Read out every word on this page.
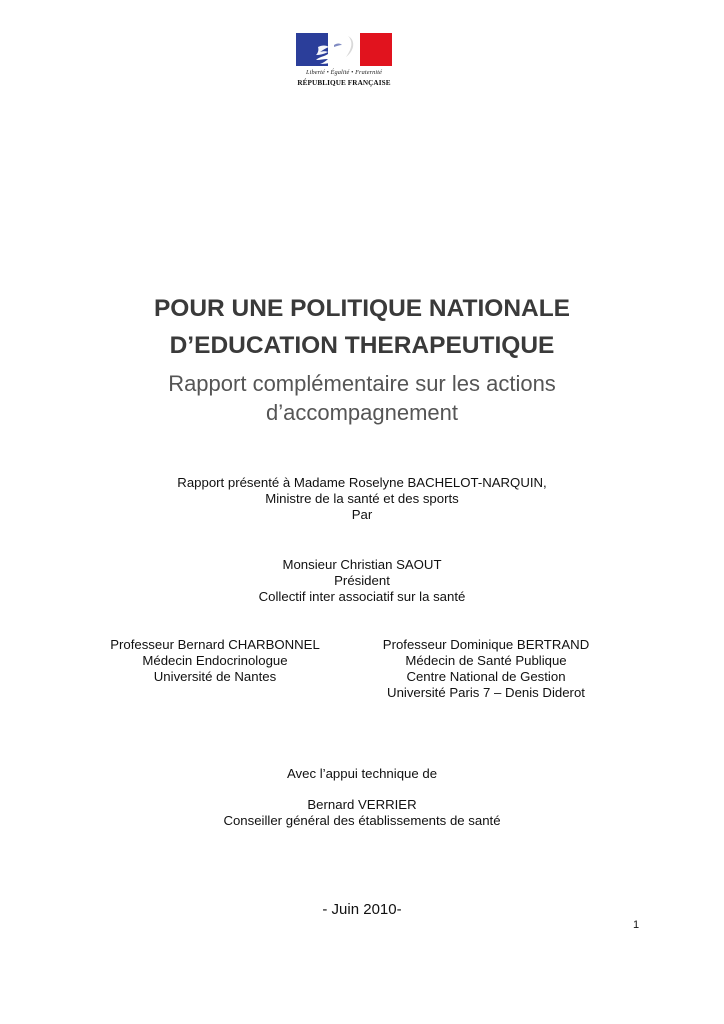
Liberté • Égalité • Fraternité
RÉPUBLIQUE FRANÇAISE
POUR UNE POLITIQUE NATIONALE
D’EDUCATION THERAPEUTIQUE
Rapport complémentaire sur les actions
d’accompagnement
Rapport présenté à Madame Roselyne BACHELOT-NARQUIN,
Ministre de la santé et des sports
Par
Monsieur Christian SAOUT
Président
Collectif inter associatif sur la santé
Professeur Bernard CHARBONNEL
Médecin Endocrinologue
Université de Nantes
Professeur Dominique BERTRAND
Médecin de Santé Publique
Centre National de Gestion
Université Paris 7 – Denis Diderot
Avec l’appui technique de
Bernard VERRIER
Conseiller général des établissements de santé
- Juin 2010-
1
